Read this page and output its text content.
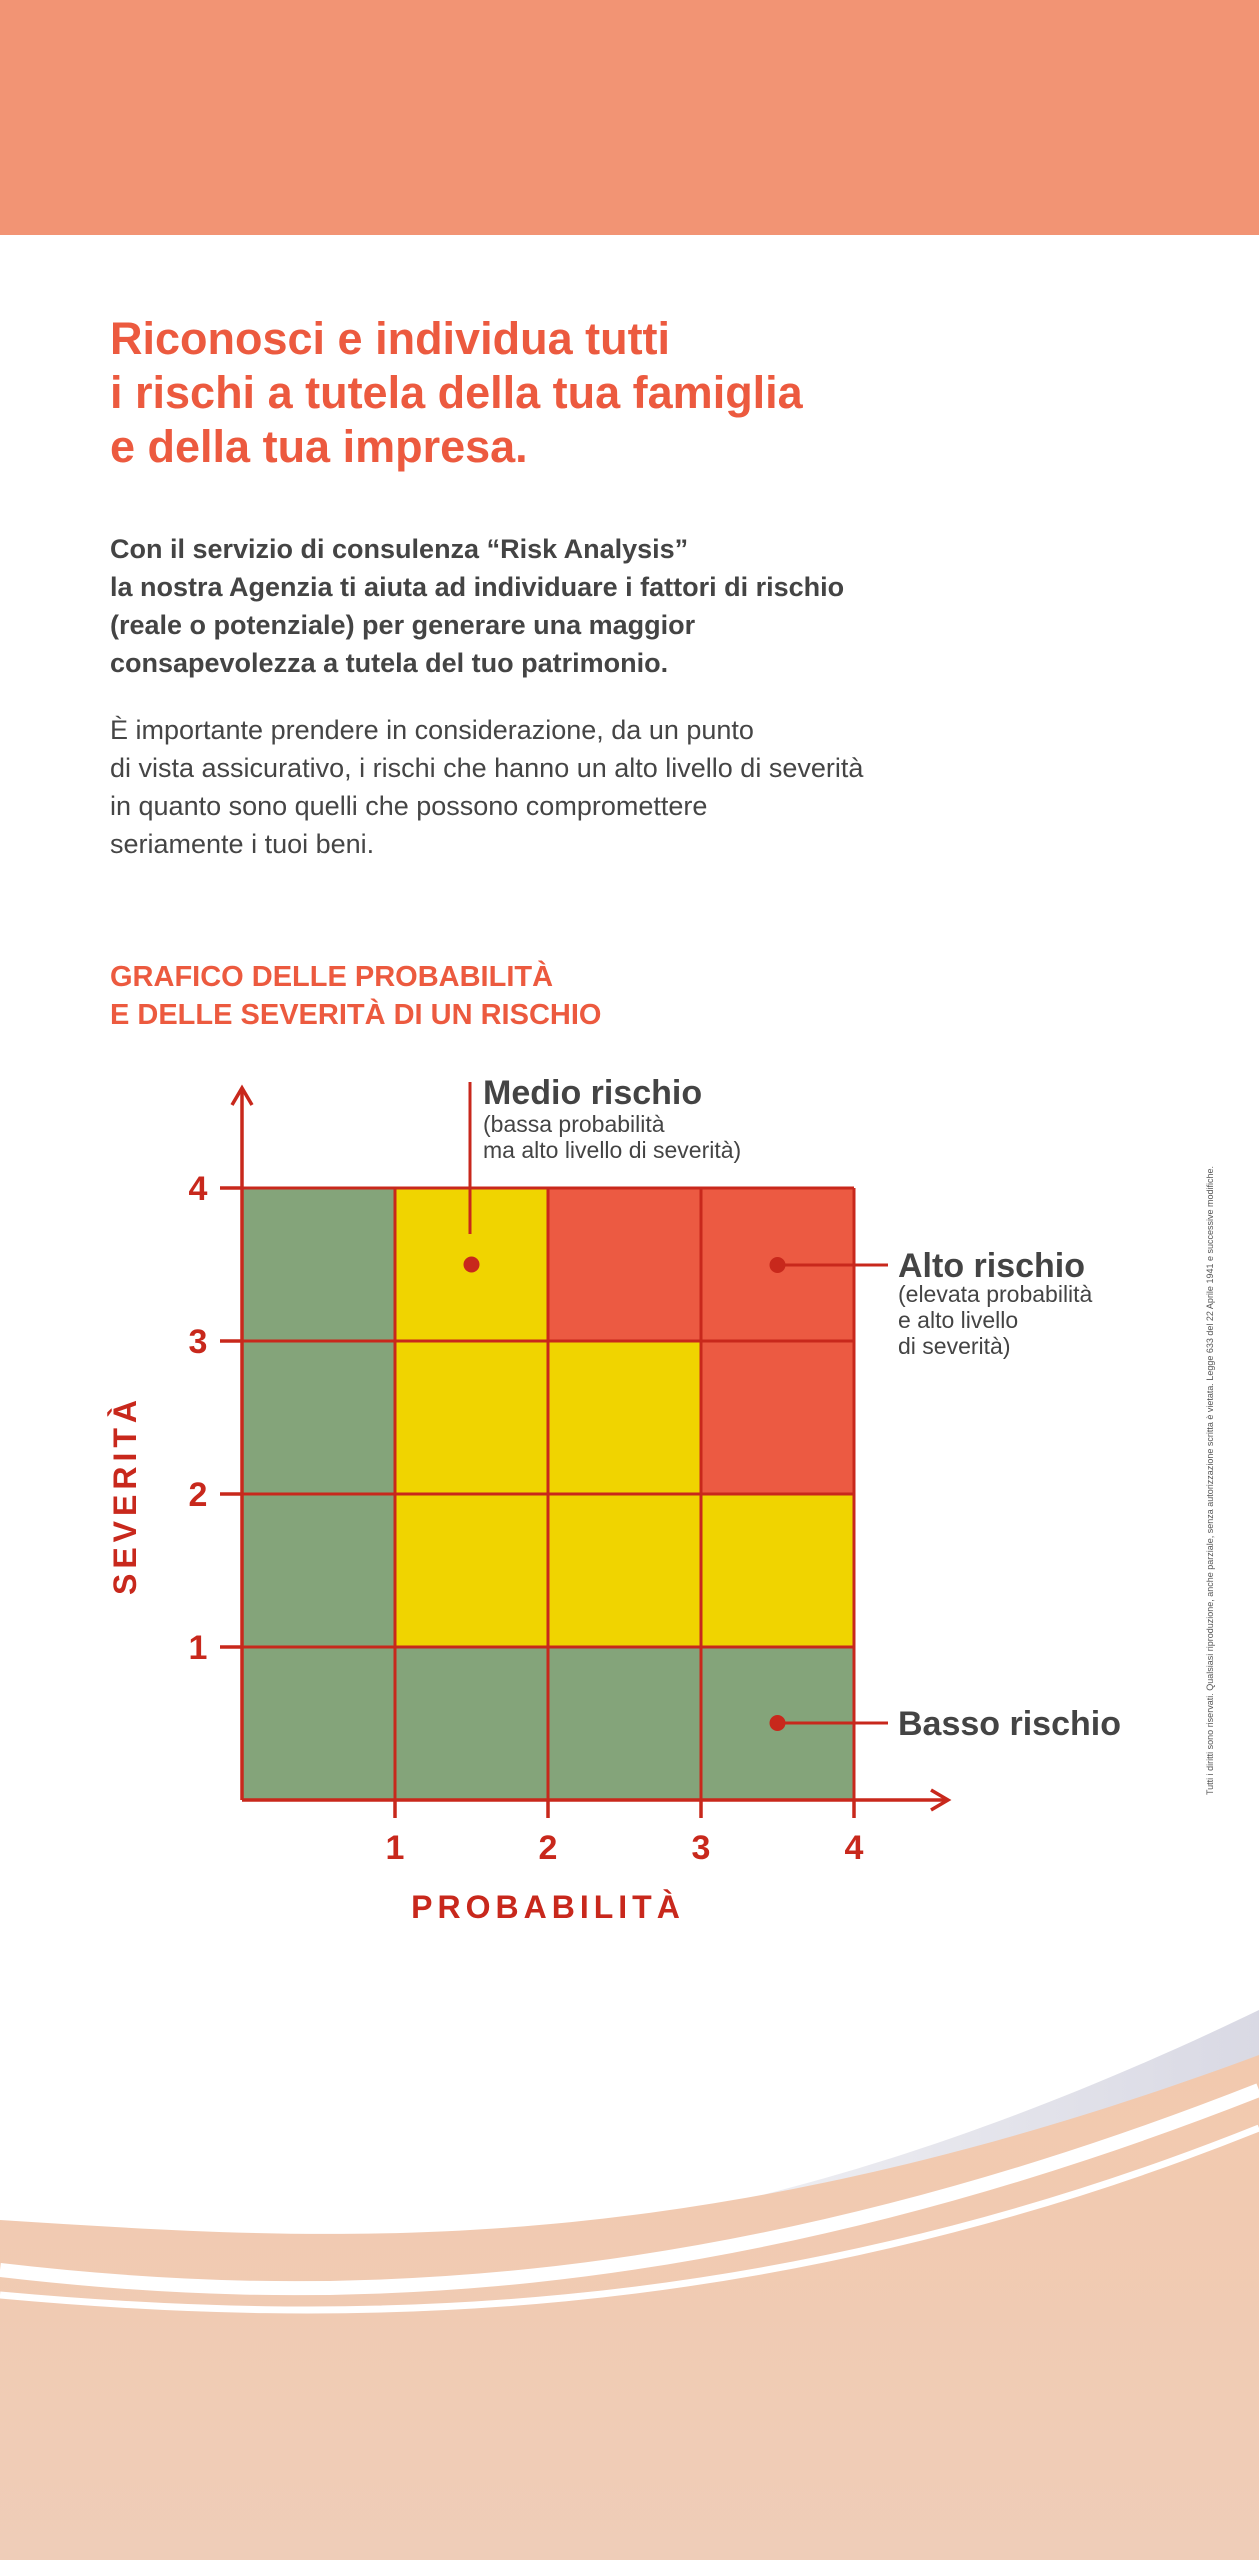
Riconosci e individua tutti
i rischi a tutela della tua famiglia
e della tua impresa.

Con il servizio di consulenza “Risk Analysis”
la nostra Agenzia ti aiuta ad individuare i fattori di rischio
(reale o potenziale) per generare una maggior
consapevolezza a tutela del tuo patrimonio.

È importante prendere in considerazione, da un punto
di vista assicurativo, i rischi che hanno un alto livello di severità
in quanto sono quelli che possono compromettere
seriamente i tuoi beni.

GRAFICO DELLE PROBABILITÀ
E DELLE SEVERITÀ DI UN RISCHIO
1
2
3
4
1	2	3	4
PROBABILITÀ
SEVERITÀ
Medio rischio
(bassa probabilità
ma alto livello di severità)
Alto rischio
(elevata probabilità
e alto livello
di severità)
Basso rischio	Tutti i diritti sono riservati. Qualsiasi riproduzione, anche parziale, senza autorizzazione scritta è vietata. Legge 633 del 22 Aprile 1941 e successive modifiche.
